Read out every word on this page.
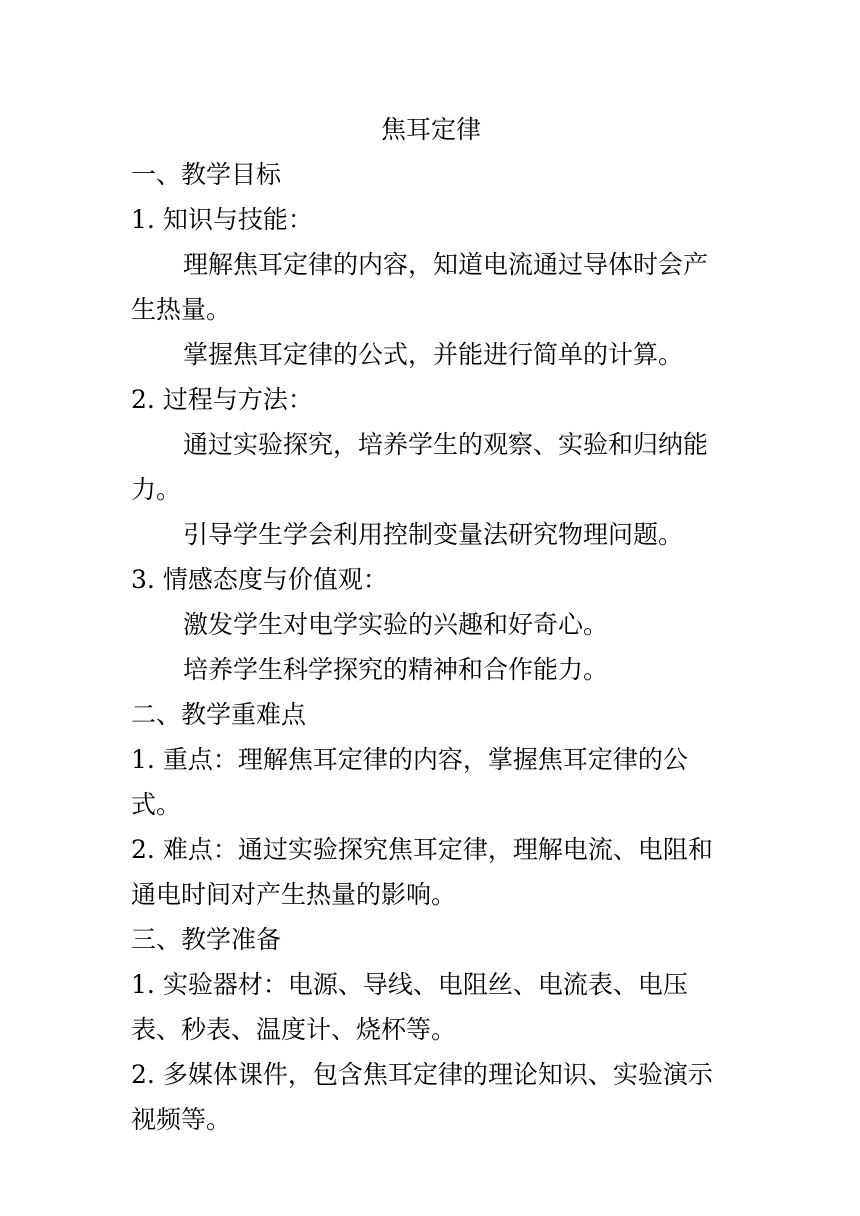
焦耳定律

一、教学目标

1. 知识与技能：

理解焦耳定律的内容，知道电流通过导体时会产生热量。

掌握焦耳定律的公式，并能进行简单的计算。

2. 过程与方法：

通过实验探究，培养学生的观察、实验和归纳能力。

引导学生学会利用控制变量法研究物理问题。

3. 情感态度与价值观：

激发学生对电学实验的兴趣和好奇心。

培养学生科学探究的精神和合作能力。

二、教学重难点

1. 重点：理解焦耳定律的内容，掌握焦耳定律的公式。

2. 难点：通过实验探究焦耳定律，理解电流、电阻和通电时间对产生热量的影响。

三、教学准备

1. 实验器材：电源、导线、电阻丝、电流表、电压表、秒表、温度计、烧杯等。

2. 多媒体课件，包含焦耳定律的理论知识、实验演示视频等。
